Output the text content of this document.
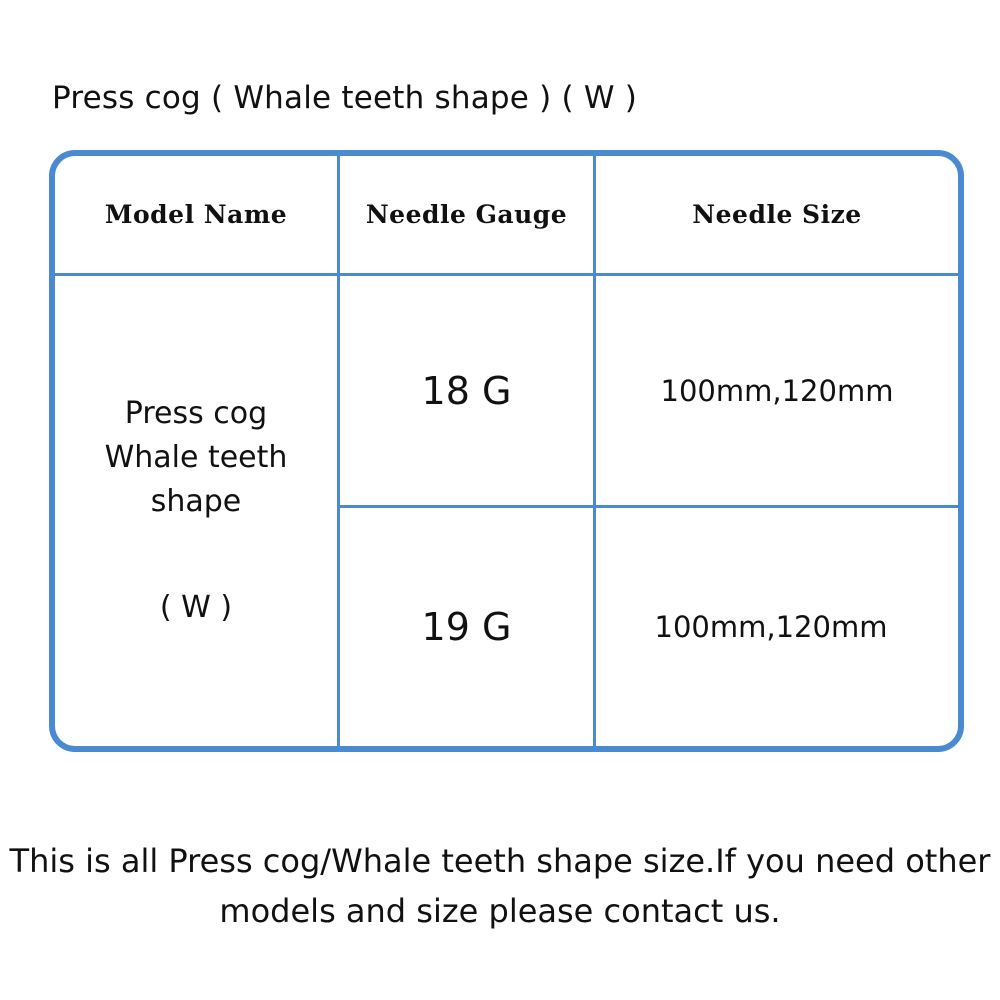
Press cog ( Whale teeth shape ) ( W )
Model Name	Needle Gauge	Needle Size
Press cog
Whale teeth shape
( W )
18 G	100mm,120mm
19 G	100mm,120mm
This is all Press cog/Whale teeth shape size.If you need other
models and size please contact us.
